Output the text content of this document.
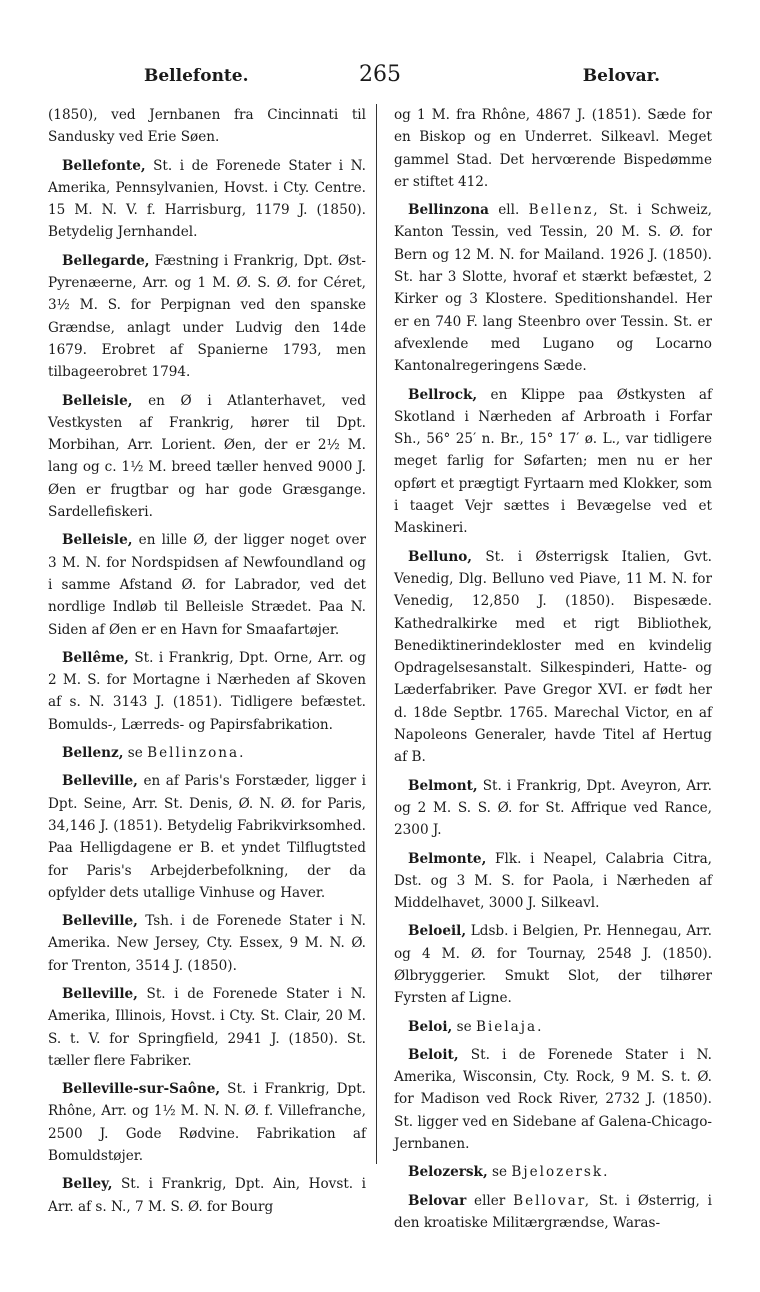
Bellefonte.	265	Belovar.

(1850), ved Jernbanen fra Cincinnati til Sandusky ved Erie Søen.

Bellefonte, St. i de Forenede Stater i N. Amerika, Pennsylvanien, Hovst. i Cty. Centre. 15 M. N. V. f. Harrisburg, 1179 J. (1850). Betydelig Jernhandel.

Bellegarde, Fæstning i Frankrig, Dpt. Øst-Pyrenæerne, Arr. og 1 M. Ø. S. Ø. for Céret, 3½ M. S. for Perpignan ved den spanske Grændse, anlagt under Ludvig den 14de 1679. Erobret af Spanierne 1793, men tilbageerobret 1794.

Belleisle, en Ø i Atlanterhavet, ved Vestkysten af Frankrig, hører til Dpt. Morbihan, Arr. Lorient. Øen, der er 2½ M. lang og c. 1½ M. breed tæller henved 9000 J. Øen er frugtbar og har gode Græsgange. Sardellefiskeri.

Belleisle, en lille Ø, der ligger noget over 3 M. N. for Nordspidsen af Newfoundland og i samme Afstand Ø. for Labrador, ved det nordlige Indløb til Belleisle Strædet. Paa N. Siden af Øen er en Havn for Smaafartøjer.

Bellême, St. i Frankrig, Dpt. Orne, Arr. og 2 M. S. for Mortagne i Nærheden af Skoven af s. N. 3143 J. (1851). Tidligere befæstet. Bomulds-, Lærreds- og Papirsfabrikation.

Bellenz, se Bellinzona.

Belleville, en af Paris's Forstæder, ligger i Dpt. Seine, Arr. St. Denis, Ø. N. Ø. for Paris, 34,146 J. (1851). Betydelig Fabrikvirksomhed. Paa Helligdagene er B. et yndet Tilflugtsted for Paris's Arbejderbefolkning, der da opfylder dets utallige Vinhuse og Haver.

Belleville, Tsh. i de Forenede Stater i N. Amerika. New Jersey, Cty. Essex, 9 M. N. Ø. for Trenton, 3514 J. (1850).

Belleville, St. i de Forenede Stater i N. Amerika, Illinois, Hovst. i Cty. St. Clair, 20 M. S. t. V. for Springfield, 2941 J. (1850). St. tæller flere Fabriker.

Belleville-sur-Saône, St. i Frankrig, Dpt. Rhône, Arr. og 1½ M. N. N. Ø. f. Villefranche, 2500 J. Gode Rødvine. Fabrikation af Bomuldstøjer.

Belley, St. i Frankrig, Dpt. Ain, Hovst. i Arr. af s. N., 7 M. S. Ø. for Bourg

og 1 M. fra Rhône, 4867 J. (1851). Sæde for en Biskop og en Underret. Silkeavl. Meget gammel Stad. Det hervœrende Bispedømme er stiftet 412.

Bellinzona ell. Bellenz, St. i Schweiz, Kanton Tessin, ved Tessin, 20 M. S. Ø. for Bern og 12 M. N. for Mailand. 1926 J. (1850). St. har 3 Slotte, hvoraf et stærkt befæstet, 2 Kirker og 3 Klostere. Speditionshandel. Her er en 740 F. lang Steenbro over Tessin. St. er afvexlende med Lugano og Locarno Kantonalregeringens Sæde.

Bellrock, en Klippe paa Østkysten af Skotland i Nærheden af Arbroath i Forfar Sh., 56° 25′ n. Br., 15° 17′ ø. L., var tidligere meget farlig for Søfarten; men nu er her opført et prægtigt Fyrtaarn med Klokker, som i taaget Vejr sættes i Bevægelse ved et Maskineri.

Belluno, St. i Østerrigsk Italien, Gvt. Venedig, Dlg. Belluno ved Piave, 11 M. N. for Venedig, 12,850 J. (1850). Bispesæde. Kathedralkirke med et rigt Bibliothek, Benediktinerindekloster med en kvindelig Opdragelsesanstalt. Silkespinderi, Hatte- og Læderfabriker. Pave Gregor XVI. er født her d. 18de Septbr. 1765. Marechal Victor, en af Napoleons Generaler, havde Titel af Hertug af B.

Belmont, St. i Frankrig, Dpt. Aveyron, Arr. og 2 M. S. S. Ø. for St. Affrique ved Rance, 2300 J.

Belmonte, Flk. i Neapel, Calabria Citra, Dst. og 3 M. S. for Paola, i Nærheden af Middelhavet, 3000 J. Silkeavl.

Beloeil, Ldsb. i Belgien, Pr. Hennegau, Arr. og 4 M. Ø. for Tournay, 2548 J. (1850). Ølbryggerier. Smukt Slot, der tilhører Fyrsten af Ligne.

Beloi, se Bielaja.

Beloit, St. i de Forenede Stater i N. Amerika, Wisconsin, Cty. Rock, 9 M. S. t. Ø. for Madison ved Rock River, 2732 J. (1850). St. ligger ved en Sidebane af Galena-Chicago-Jernbanen.

Belozersk, se Bjelozersk.

Belovar eller Bellovar, St. i Østerrig, i den kroatiske Militærgrændse, Waras-
